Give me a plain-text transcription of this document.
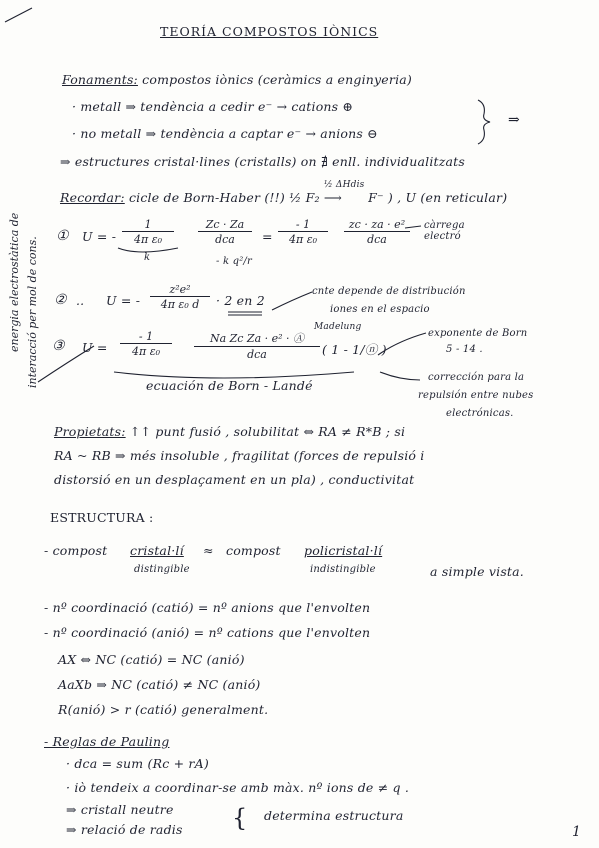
TEORÍA COMPOSTOS IÒNICS
Fonaments: compostos iònics (ceràmics a enginyeria)
· metall ⇒ tendència a cedir e⁻ → cations ⊕
· no metall ⇒ tendència a captar e⁻ → anions ⊖
⇒
⇒ estructures cristal·lines (cristalls) on ∄ enll. individualitzats
Recordar: cicle de Born-Haber (!!) ½ F₂
½ ΔHdis
⟶ F⁻ ) , U (en reticular)
energia electrostàtica de interacció per mol de cons.
① U = - $\frac{1}{\text{4π ε₀}}$	Zc · Za
dca	= $\frac{- 1}{\text{4π ε₀}}$	zc · za · e²
dca
càrrega electró
k	- k q²/r
② .. U = - $\frac{\text{z²e²}}{\text{4π ε₀ d}} \cdot 2$ en 2
cnte depende de distribución
iones en el espacio
Madelung
③ $U = \frac{- 1}{\text{4π ε₀}}$	Na Zc Za · e² · Ⓐ
dca	( 1 - 1/ⓝ )
exponente de Born
5 - 14 .
ecuación de Born - Landé
corrección para la
repulsión entre nubes
electrónicas.
Propietats: ↑↑ punt fusió , solubilitat ⇔ RA ≠ R*B ; si
RA ~ RB ⇒ més insoluble , fragilitat (forces de repulsió i
distorsió en un desplaçament en un pla) , conductivitat
ESTRUCTURA :
- compost cristal·lí ≈ compost policristal·lí
distingible	indistingible	a simple vista.
- nº coordinació (catió) = nº anions que l'envolten
- nº coordinació (anió) = nº cations que l'envolten
AX ⇔ NC (catió) = NC (anió)
AaXb ⇒ NC (catió) ≠ NC (anió)
R(anió) > r (catió) generalment.
- Reglas de Pauling
· dca = sum (Rc + rA)
· iò tendeix a coordinar-se amb màx. nº ions de ≠ q .
⇒ cristall neutre
⇒ relació de radis { determina estructura
1
